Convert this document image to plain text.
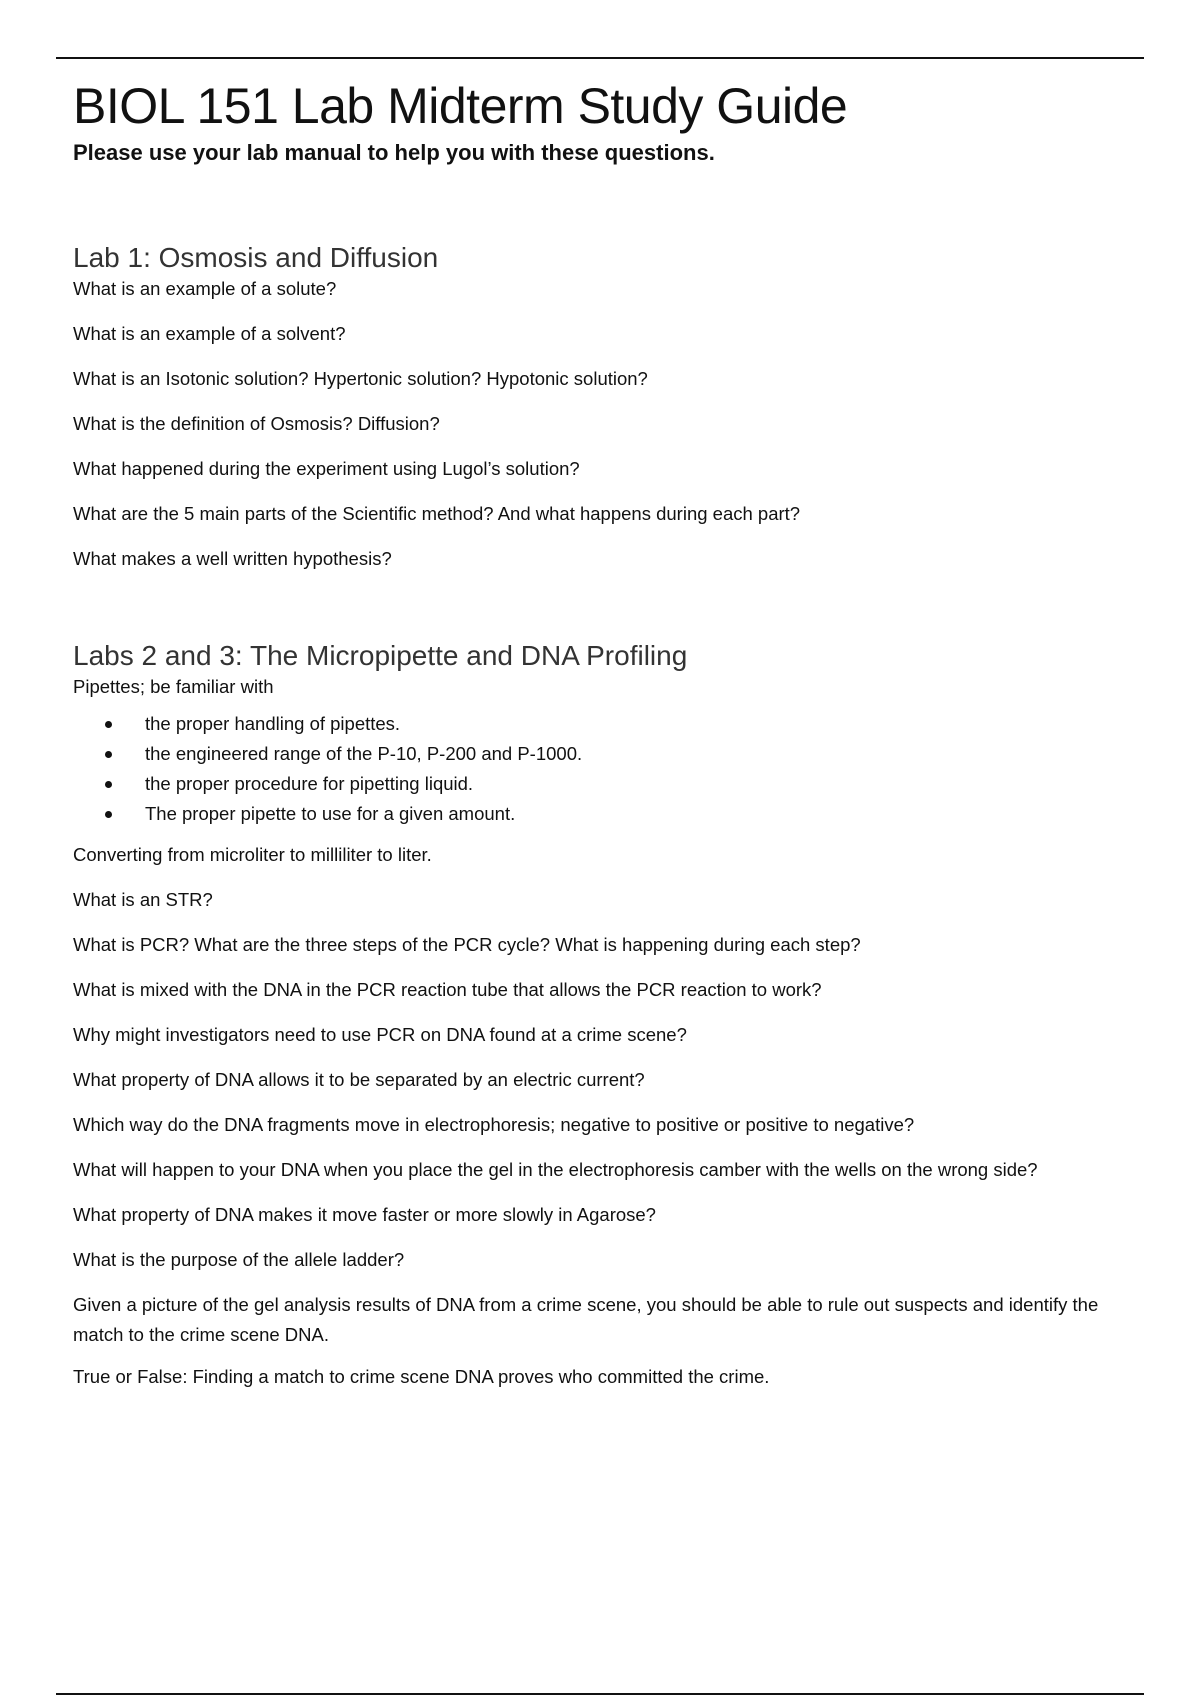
BIOL 151 Lab Midterm Study Guide

Please use your lab manual to help you with these questions.

Lab 1: Osmosis and Diffusion

What is an example of a solute?

What is an example of a solvent?

What is an Isotonic solution? Hypertonic solution? Hypotonic solution?

What is the definition of Osmosis? Diffusion?

What happened during the experiment using Lugol’s solution?

What are the 5 main parts of the Scientific method? And what happens during each part?

What makes a well written hypothesis?

Labs 2 and 3: The Micropipette and DNA Profiling

Pipettes; be familiar with

the proper handling of pipettes.
the engineered range of the P-10, P-200 and P-1000.
the proper procedure for pipetting liquid.
The proper pipette to use for a given amount.

Converting from microliter to milliliter to liter.

What is an STR?

What is PCR? What are the three steps of the PCR cycle? What is happening during each step?

What is mixed with the DNA in the PCR reaction tube that allows the PCR reaction to work?

Why might investigators need to use PCR on DNA found at a crime scene?

What property of DNA allows it to be separated by an electric current?

Which way do the DNA fragments move in electrophoresis; negative to positive or positive to negative?

What will happen to your DNA when you place the gel in the electrophoresis camber with the wells on the wrong side?

What property of DNA makes it move faster or more slowly in Agarose?

What is the purpose of the allele ladder?

Given a picture of the gel analysis results of DNA from a crime scene, you should be able to rule out suspects and identify the match to the crime scene DNA.

True or False: Finding a match to crime scene DNA proves who committed the crime.
